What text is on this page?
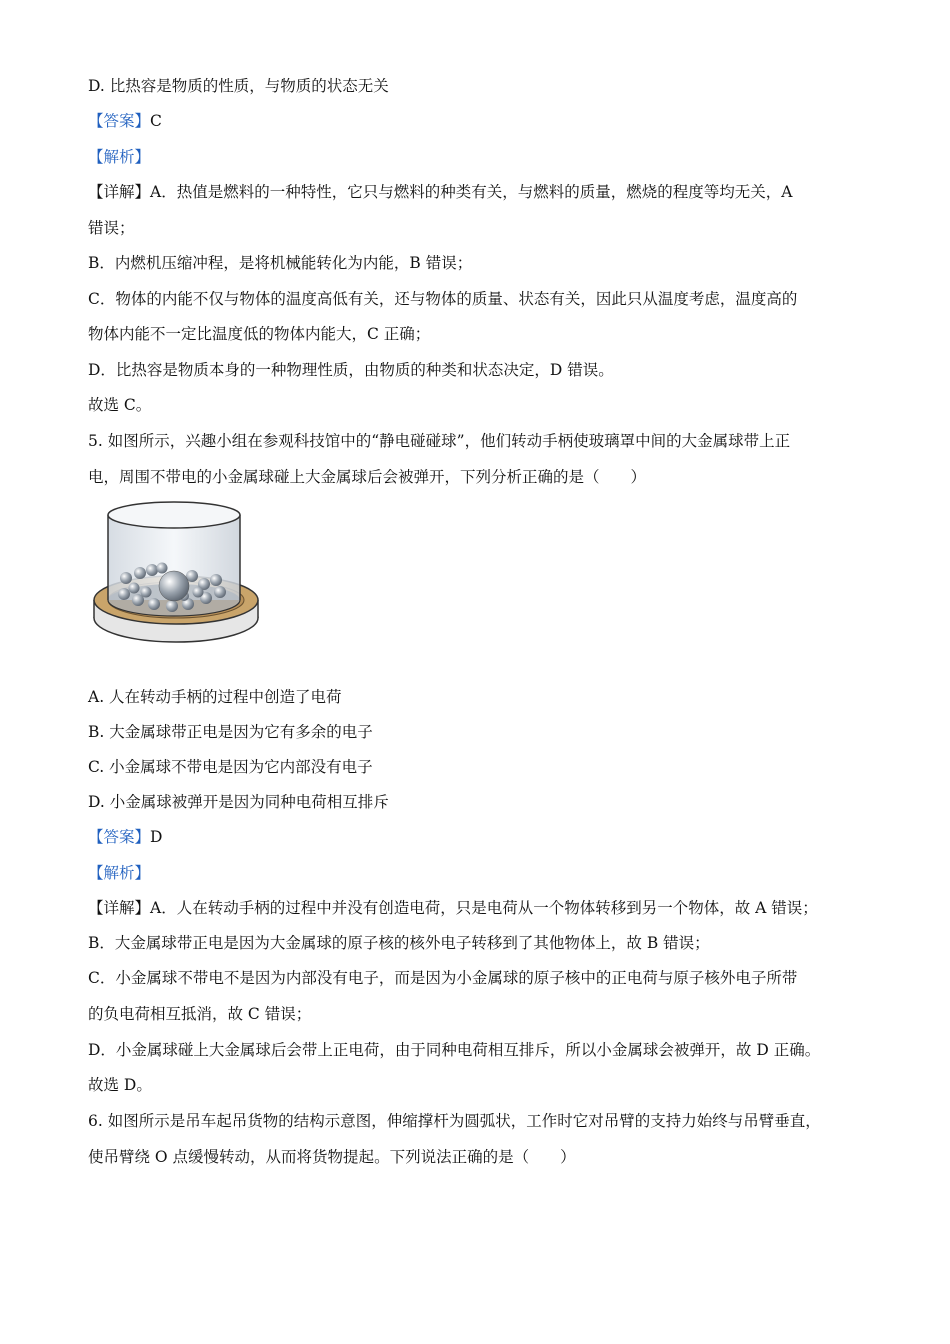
D. 比热容是物质的性质，与物质的状态无关
【答案】C
【解析】
【详解】A．热值是燃料的一种特性，它只与燃料的种类有关，与燃料的质量，燃烧的程度等均无关，A
错误；
B．内燃机压缩冲程，是将机械能转化为内能，B 错误；
C．物体的内能不仅与物体的温度高低有关，还与物体的质量、状态有关，因此只从温度考虑，温度高的
物体内能不一定比温度低的物体内能大，C 正确；
D．比热容是物质本身的一种物理性质，由物质的种类和状态决定，D 错误。
故选 C。
5. 如图所示，兴趣小组在参观科技馆中的“静电碰碰球”，他们转动手柄使玻璃罩中间的大金属球带上正
电，周围不带电的小金属球碰上大金属球后会被弹开，下列分析正确的是（　　）
A. 人在转动手柄的过程中创造了电荷
B. 大金属球带正电是因为它有多余的电子
C. 小金属球不带电是因为它内部没有电子
D. 小金属球被弹开是因为同种电荷相互排斥
【答案】D
【解析】
【详解】A．人在转动手柄的过程中并没有创造电荷，只是电荷从一个物体转移到另一个物体，故 A 错误；
B．大金属球带正电是因为大金属球的原子核的核外电子转移到了其他物体上，故 B 错误；
C．小金属球不带电不是因为内部没有电子，而是因为小金属球的原子核中的正电荷与原子核外电子所带
的负电荷相互抵消，故 C 错误；
D．小金属球碰上大金属球后会带上正电荷，由于同种电荷相互排斥，所以小金属球会被弹开，故 D 正确。
故选 D。
6. 如图所示是吊车起吊货物的结构示意图，伸缩撑杆为圆弧状，工作时它对吊臂的支持力始终与吊臂垂直，
使吊臂绕 O 点缓慢转动，从而将货物提起。下列说法正确的是（　　）
